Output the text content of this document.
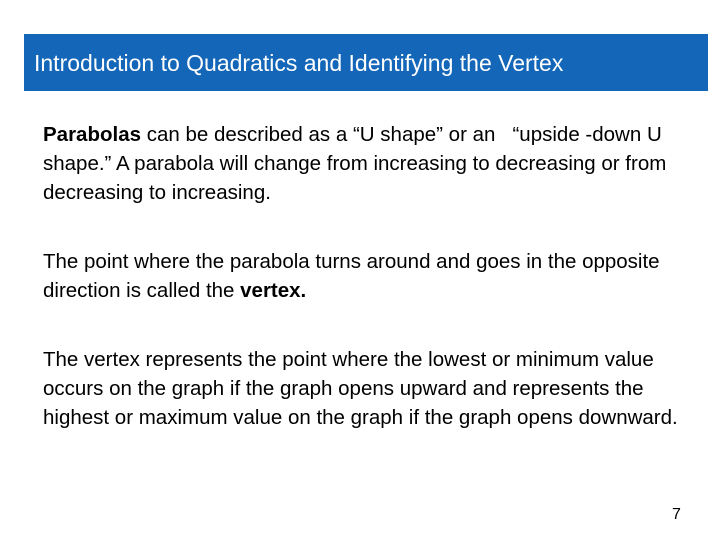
Introduction to Quadratics and Identifying the Vertex

Parabolas can be described as a “U shape” or an   “upside -down U shape.” A parabola will change from increasing to decreasing or from decreasing to increasing.

The point where the parabola turns around and goes in the opposite direction is called the vertex.

The vertex represents the point where the lowest or minimum value occurs on the graph if the graph opens upward and represents the highest or maximum value on the graph if the graph opens downward.

7
